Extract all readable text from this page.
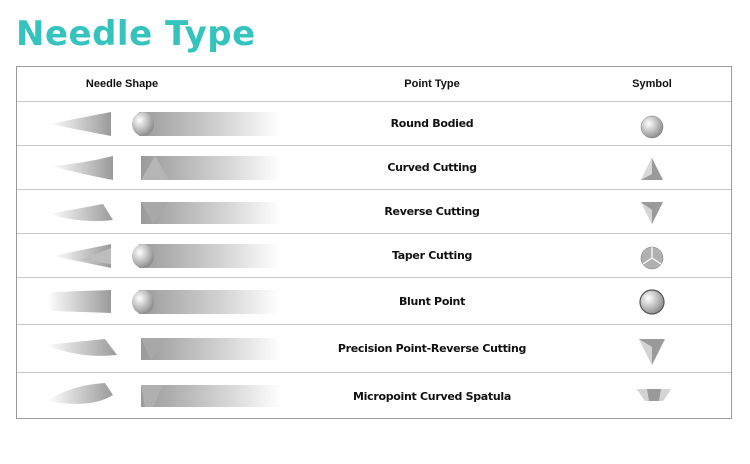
Needle Type
Needle Shape	Point Type	Symbol
Round Bodied
Curved Cutting
Reverse Cutting
Taper Cutting
Blunt Point
Precision Point-Reverse Cutting
Micropoint Curved Spatula
